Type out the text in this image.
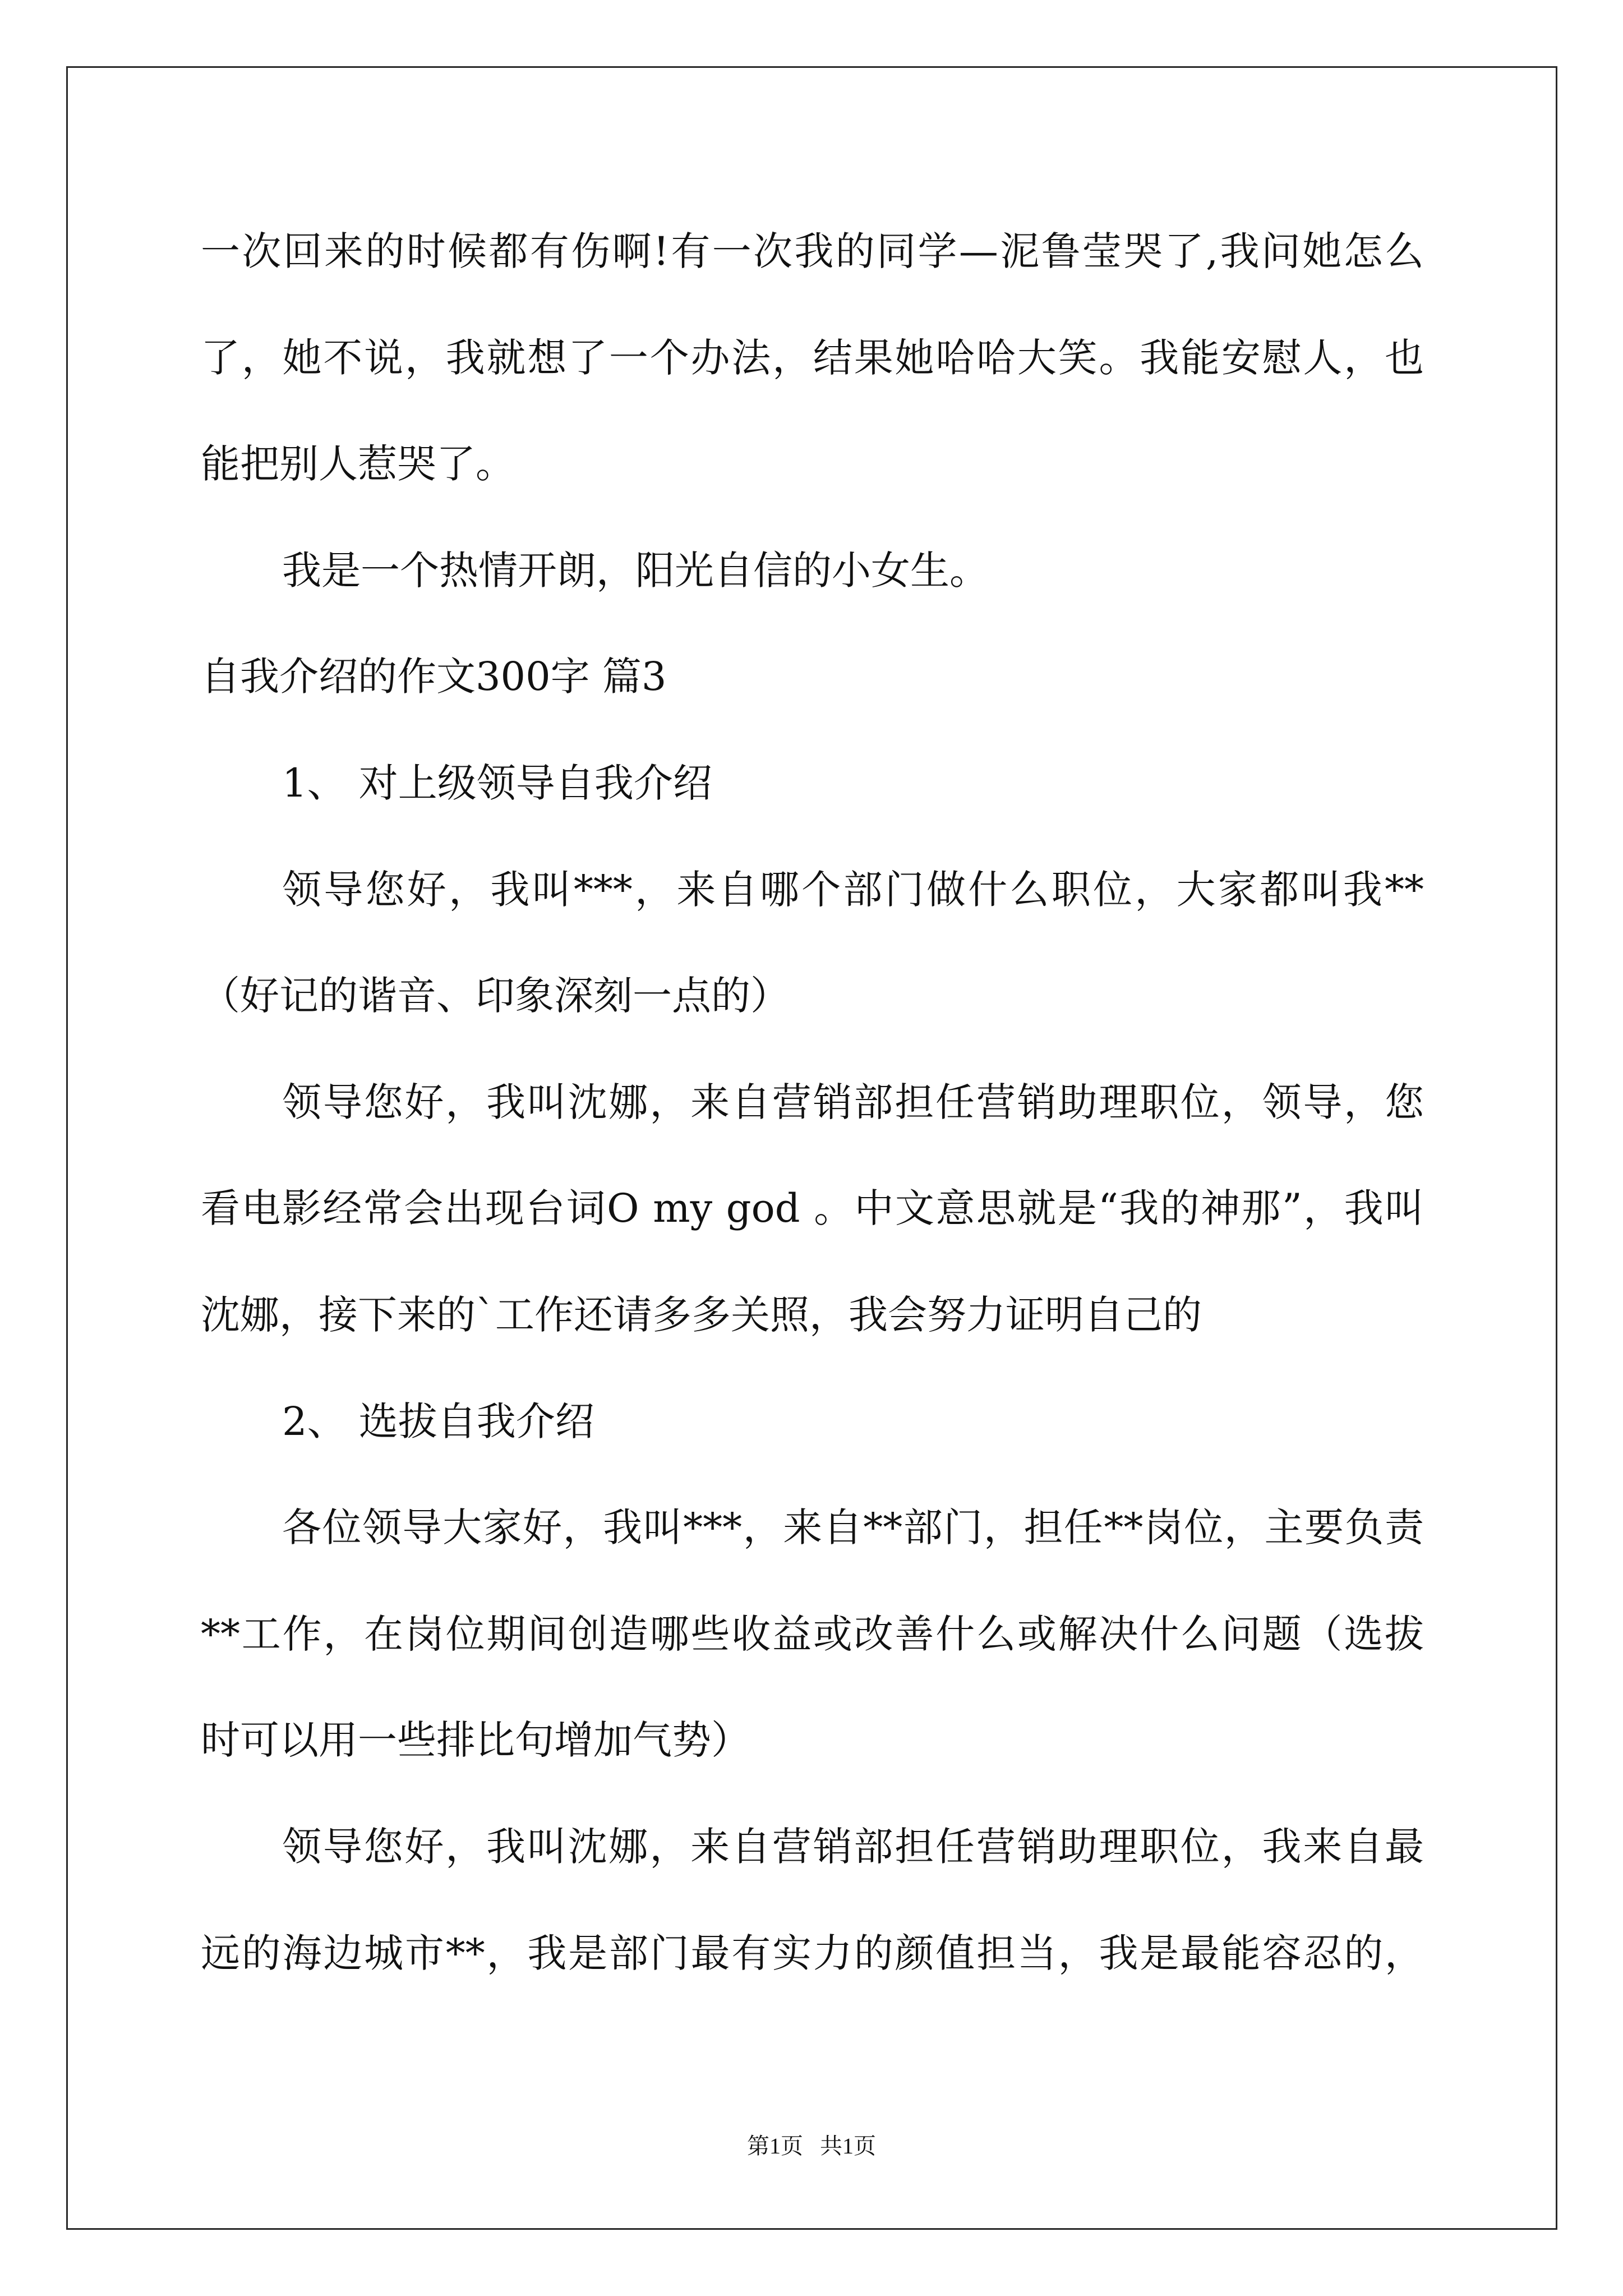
一次回来的时候都有伤啊!有一次我的同学—泥鲁莹哭了,我问她怎么
了，她不说，我就想了一个办法，结果她哈哈大笑。我能安慰人，也
能把别人惹哭了。
我是一个热情开朗，阳光自信的小女生。
自我介绍的作文300字 篇3
1、 对上级领导自我介绍
领导您好，我叫***，来自哪个部门做什么职位，大家都叫我**
（好记的谐音、印象深刻一点的）
领导您好，我叫沈娜，来自营销部担任营销助理职位，领导，您
看电影经常会出现台词O my god 。中文意思就是“我的神那”，我叫
沈娜，接下来的`工作还请多多关照，我会努力证明自己的
2、 选拔自我介绍
各位领导大家好，我叫***，来自**部门，担任**岗位，主要负责
**工作，在岗位期间创造哪些收益或改善什么或解决什么问题（选拔
时可以用一些排比句增加气势）
领导您好，我叫沈娜，来自营销部担任营销助理职位，我来自最
远的海边城市**，我是部门最有实力的颜值担当，我是最能容忍的，
第1页   共1页
